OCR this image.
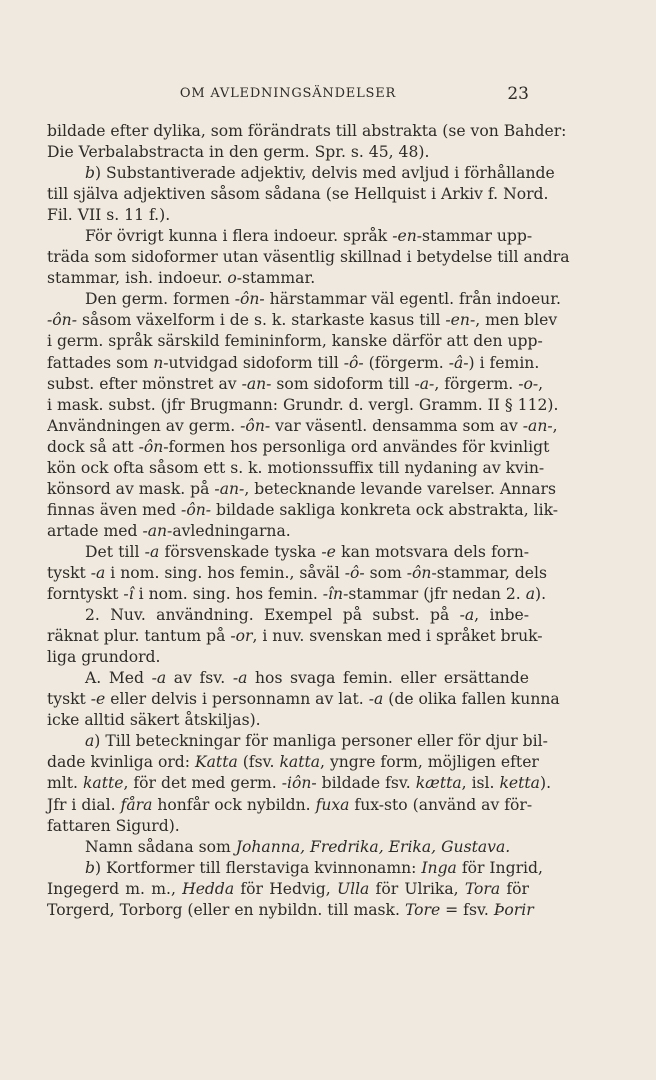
OM AVLEDNINGSÄNDELSER	23
bildade efter dylika, som förändrats till abstrakta (se von Bahder:
Die Verbalabstracta in den germ. Spr. s. 45, 48).
b) Substantiverade adjektiv, delvis med avljud i förhållande
till själva adjektiven såsom sådana (se Hellquist i Arkiv f. Nord.
Fil. VII s. 11 f.).
För övrigt kunna i flera indoeur. språk -en-stammar upp-
träda som sidoformer utan väsentlig skillnad i betydelse till andra
stammar, ish. indoeur. o-stammar.
Den germ. formen -ôn- härstammar väl egentl. från indoeur.
-ôn- såsom växelform i de s. k. starkaste kasus till -en-, men blev
i germ. språk särskild femininform, kanske därför att den upp-
fattades som n-utvidgad sidoform till -ô- (förgerm. -â-) i femin.
subst. efter mönstret av -an- som sidoform till -a-, förgerm. -o-,
i mask. subst. (jfr Brugmann: Grundr. d. vergl. Gramm. II § 112).
Användningen av germ. -ôn- var väsentl. densamma som av -an-,
dock så att -ôn-formen hos personliga ord användes för kvinligt
kön ock ofta såsom ett s. k. motionssuffix till nydaning av kvin-
könsord av mask. på -an-, betecknande levande varelser. Annars
finnas även med -ôn- bildade sakliga konkreta ock abstrakta, lik-
artade med -an-avledningarna.
Det till -a försvenskade tyska -e kan motsvara dels forn-
tyskt -a i nom. sing. hos femin., såväl -ô- som -ôn-stammar, dels
forntyskt -î i nom. sing. hos femin. -în-stammar (jfr nedan 2. a).
2. Nuv. användning. Exempel på subst. på -a, inbe-
räknat plur. tantum på -or, i nuv. svenskan med i språket bruk-
liga grundord.
A. Med -a av fsv. -a hos svaga femin. eller ersättande
tyskt -e eller delvis i personnamn av lat. -a (de olika fallen kunna
icke alltid säkert åtskiljas).
a) Till beteckningar för manliga personer eller för djur bil-
dade kvinliga ord: Katta (fsv. katta, yngre form, möjligen efter
mlt. katte, för det med germ. -iôn- bildade fsv. kætta, isl. ketta).
Jfr i dial. fåra honfår ock nybildn. fuxa fux-sto (använd av för-
fattaren Sigurd).
Namn sådana som Johanna, Fredrika, Erika, Gustava.
b) Kortformer till flerstaviga kvinnonamn: Inga för Ingrid,
Ingegerd m. m., Hedda för Hedvig, Ulla för Ulrika, Tora för
Torgerd, Torborg (eller en nybildn. till mask. Tore = fsv. Þorir
